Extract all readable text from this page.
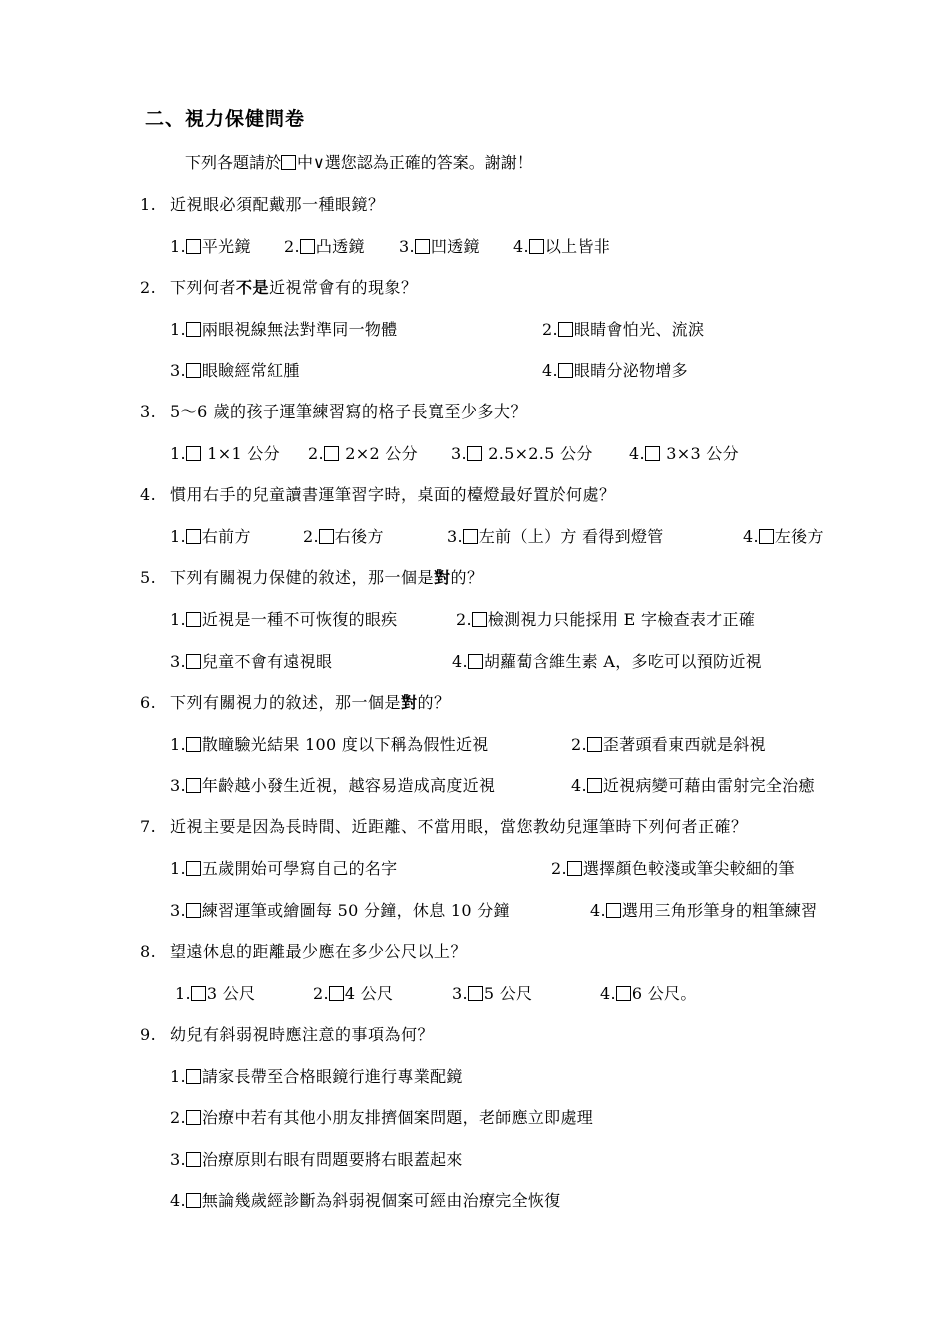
二、視力保健問卷
下列各題請於 中∨選您認為正確的答案。謝謝！
1. 近視眼必須配戴那一種眼鏡？
1. 平光鏡 2. 凸透鏡 3. 凹透鏡 4. 以上皆非
2. 下列何者不是近視常會有的現象？
1. 兩眼視線無法對準同一物體	2. 眼睛會怕光、流淚
3. 眼瞼經常紅腫	4. 眼睛分泌物增多
3. 5～6 歲的孩子運筆練習寫的格子長寬至少多大？
1. 1×1 公分 2. 2×2 公分 3. 2.5×2.5 公分 4. 3×3 公分
4. 慣用右手的兒童讀書運筆習字時，桌面的檯燈最好置於何處？
1. 右前方	2. 右後方	3. 左前（上）方 看得到燈管	4. 左後方
5. 下列有關視力保健的敘述，那一個是對的？
1. 近視是一種不可恢復的眼疾	2. 檢測視力只能採用 E 字檢查表才正確
3. 兒童不會有遠視眼	4. 胡蘿蔔含維生素 A，多吃可以預防近視
6. 下列有關視力的敘述，那一個是對的？
1. 散瞳驗光結果 100 度以下稱為假性近視	2. 歪著頭看東西就是斜視
3. 年齡越小發生近視，越容易造成高度近視	4. 近視病變可藉由雷射完全治癒
7. 近視主要是因為長時間、近距離、不當用眼，當您教幼兒運筆時下列何者正確？
1. 五歲開始可學寫自己的名字	2. 選擇顏色較淺或筆尖較細的筆
3. 練習運筆或繪圖每 50 分鐘，休息 10 分鐘	4. 選用三角形筆身的粗筆練習
8. 望遠休息的距離最少應在多少公尺以上？
1. 3 公尺	2. 4 公尺	3. 5 公尺	4. 6 公尺。
9. 幼兒有斜弱視時應注意的事項為何？
1. 請家長帶至合格眼鏡行進行專業配鏡
2. 治療中若有其他小朋友排擠個案問題，老師應立即處理
3. 治療原則右眼有問題要將右眼蓋起來
4. 無論幾歲經診斷為斜弱視個案可經由治療完全恢復
